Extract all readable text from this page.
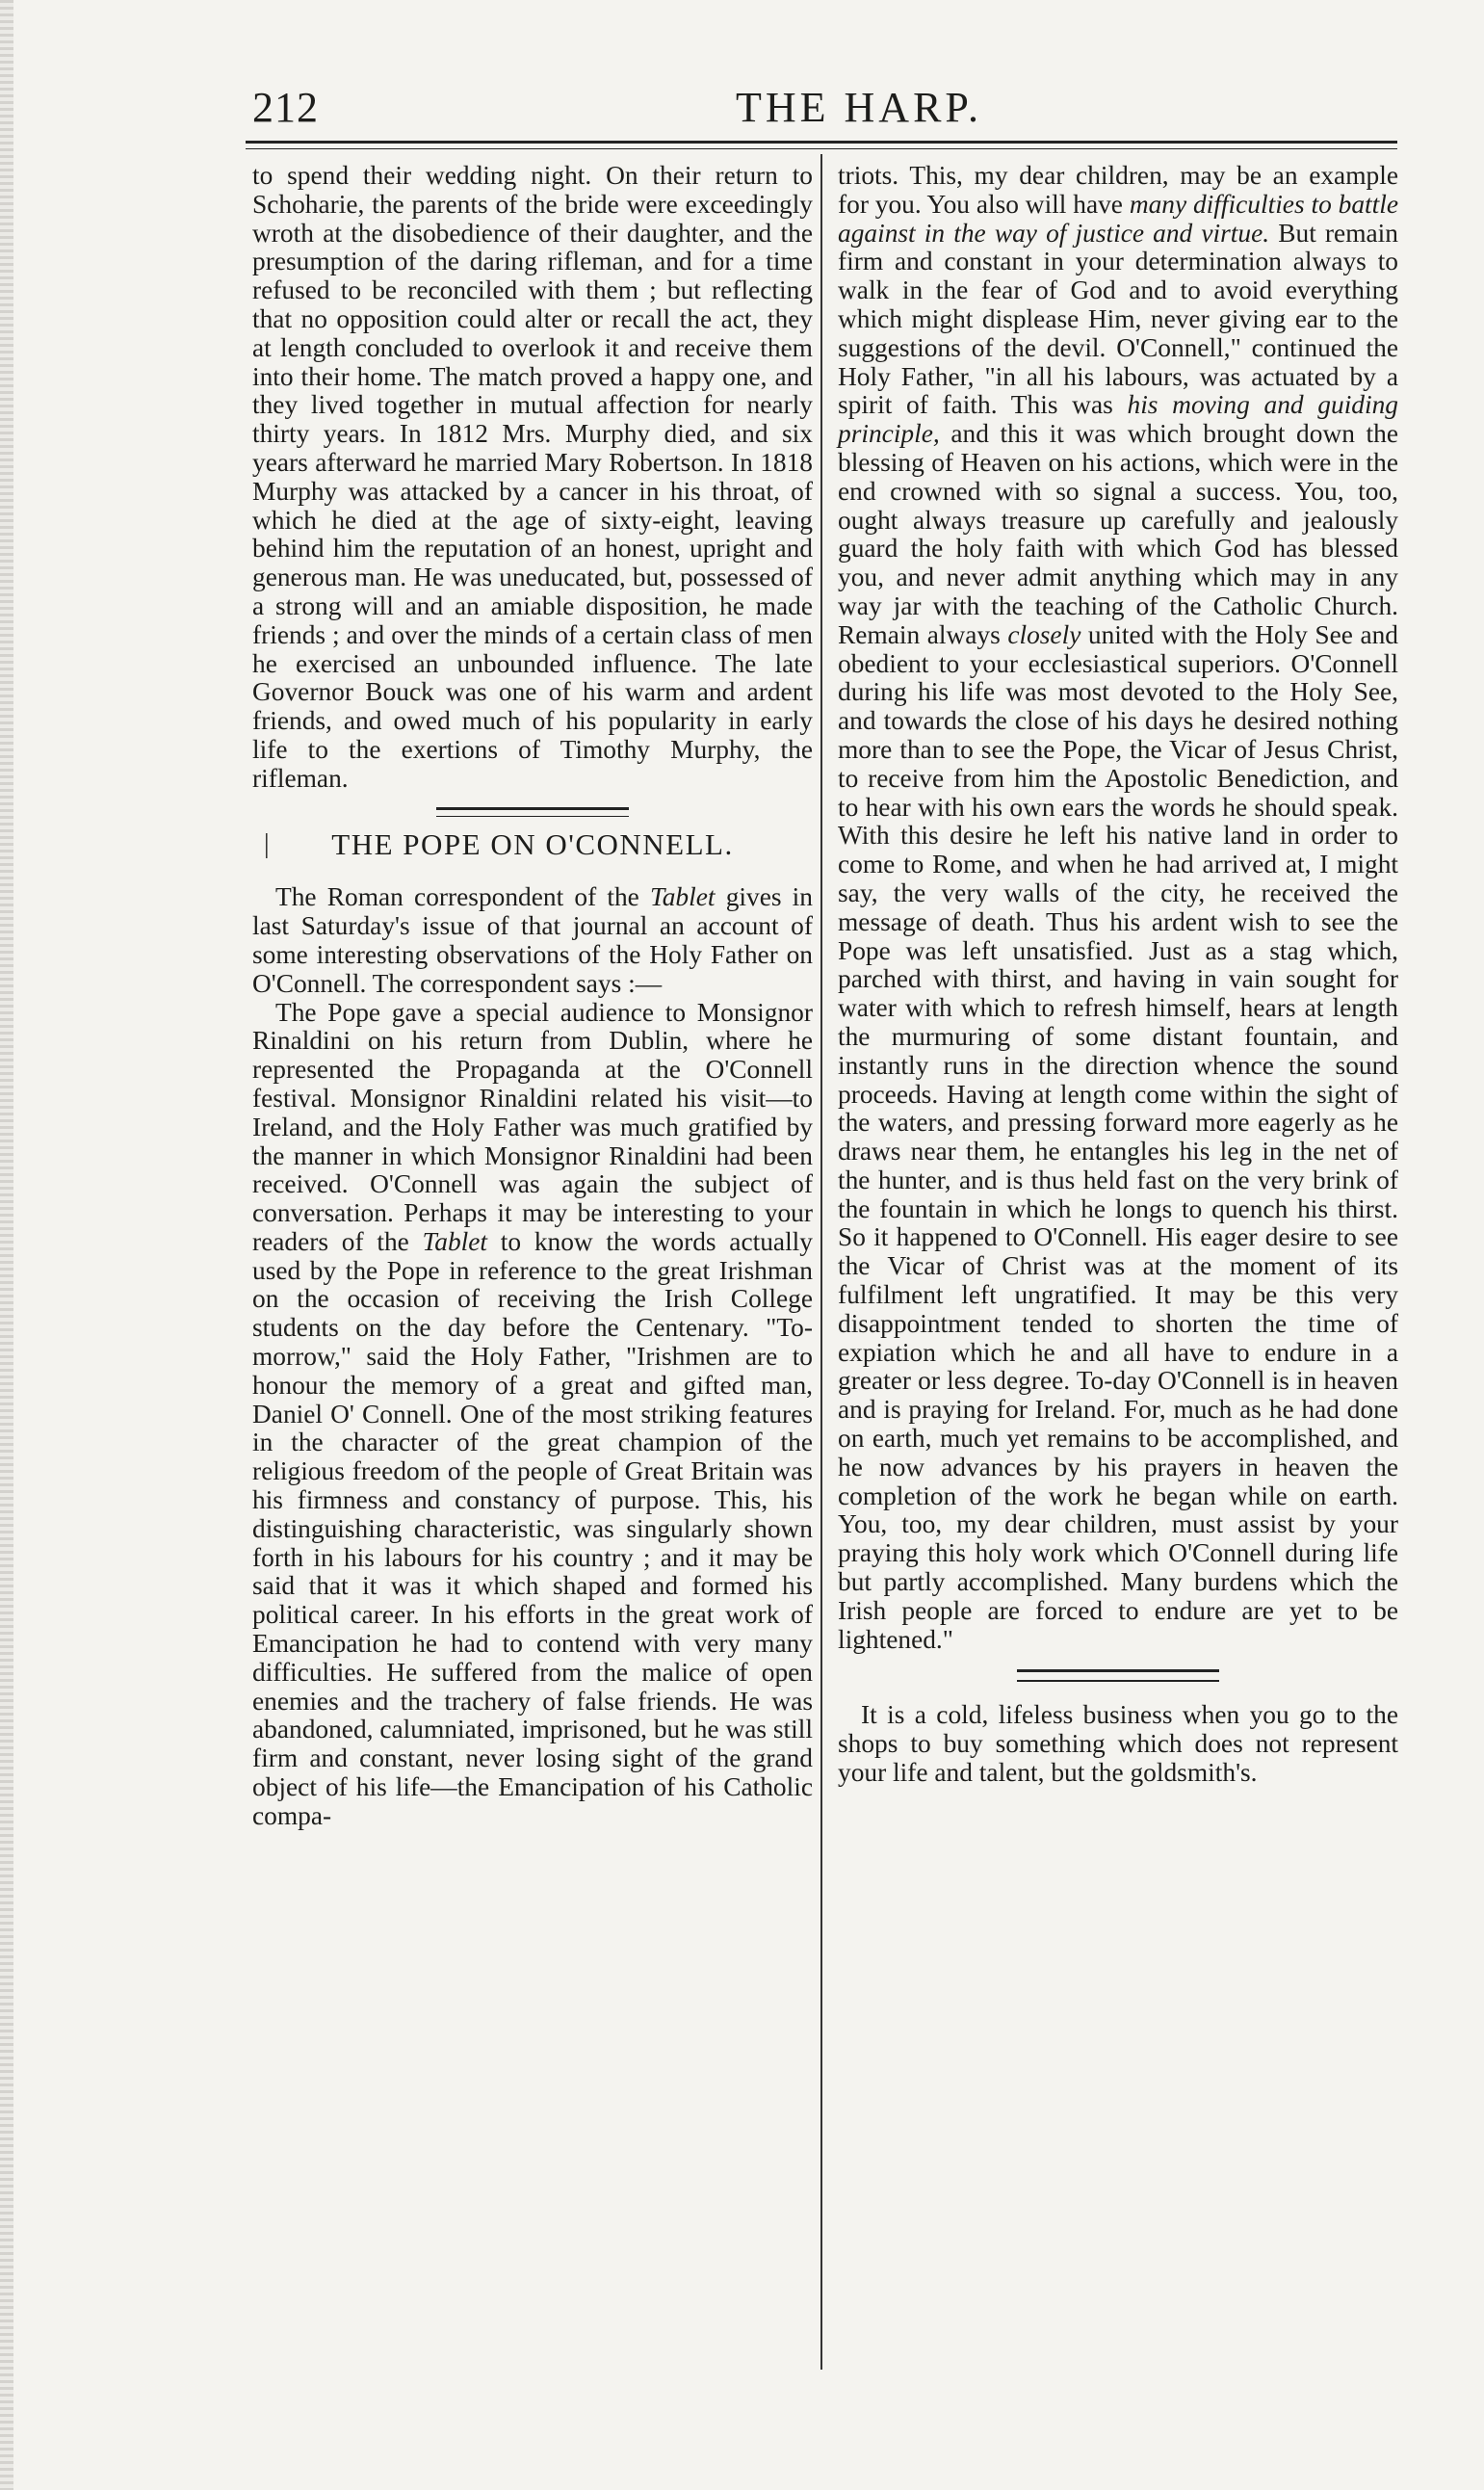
212	THE HARP.

to spend their wedding night. On their return to Schoharie, the parents of the bride were exceedingly wroth at the disobedience of their daughter, and the presumption of the daring rifleman, and for a time refused to be reconciled with them ; but reflecting that no opposition could alter or recall the act, they at length concluded to overlook it and receive them into their home. The match proved a happy one, and they lived together in mutual affection for nearly thirty years. In 1812 Mrs. Murphy died, and six years afterward he married Mary Robertson. In 1818 Murphy was attacked by a cancer in his throat, of which he died at the age of sixty-eight, leaving behind him the reputation of an honest, upright and generous man. He was uneducated, but, possessed of a strong will and an amiable disposition, he made friends ; and over the minds of a certain class of men he exercised an unbounded influence. The late Governor Bouck was one of his warm and ardent friends, and owed much of his popularity in early life to the exertions of Timothy Murphy, the rifleman.

| THE POPE ON O'CONNELL.

The Roman correspondent of the Tablet gives in last Saturday's issue of that journal an account of some interesting observations of the Holy Father on O'Connell. The correspondent says :—

The Pope gave a special audience to Monsignor Rinaldini on his return from Dublin, where he represented the Propaganda at the O'Connell festival. Monsignor Rinaldini related his visit—to Ireland, and the Holy Father was much gratified by the manner in which Monsignor Rinaldini had been received. O'Connell was again the subject of conversation. Perhaps it may be interesting to your readers of the Tablet to know the words actually used by the Pope in reference to the great Irishman on the occasion of receiving the Irish College students on the day before the Centenary. "To-morrow," said the Holy Father, "Irishmen are to honour the memory of a great and gifted man, Daniel O' Connell. One of the most striking features in the character of the great champion of the religious freedom of the people of Great Britain was his firmness and constancy of purpose. This, his distinguishing characteristic, was singularly shown forth in his labours for his country ; and it may be said that it was it which shaped and formed his political career. In his efforts in the great work of Emancipation he had to contend with very many difficulties. He suffered from the malice of open enemies and the trachery of false friends. He was abandoned, calumniated, imprisoned, but he was still firm and constant, never losing sight of the grand object of his life—the Emancipation of his Catholic compa-

triots. This, my dear children, may be an example for you. You also will have many difficulties to battle against in the way of justice and virtue. But remain firm and constant in your determination always to walk in the fear of God and to avoid everything which might displease Him, never giving ear to the suggestions of the devil. O'Connell," continued the Holy Father, "in all his labours, was actuated by a spirit of faith. This was his moving and guiding principle, and this it was which brought down the blessing of Heaven on his actions, which were in the end crowned with so signal a success. You, too, ought always treasure up carefully and jealously guard the holy faith with which God has blessed you, and never admit anything which may in any way jar with the teaching of the Catholic Church. Remain always closely united with the Holy See and obedient to your ecclesiastical superiors. O'Connell during his life was most devoted to the Holy See, and towards the close of his days he desired nothing more than to see the Pope, the Vicar of Jesus Christ, to receive from him the Apostolic Benediction, and to hear with his own ears the words he should speak. With this desire he left his native land in order to come to Rome, and when he had arrived at, I might say, the very walls of the city, he received the message of death. Thus his ardent wish to see the Pope was left unsatisfied. Just as a stag which, parched with thirst, and having in vain sought for water with which to refresh himself, hears at length the murmuring of some distant fountain, and instantly runs in the direction whence the sound proceeds. Having at length come within the sight of the waters, and pressing forward more eagerly as he draws near them, he entangles his leg in the net of the hunter, and is thus held fast on the very brink of the fountain in which he longs to quench his thirst. So it happened to O'Connell. His eager desire to see the Vicar of Christ was at the moment of its fulfilment left ungratified. It may be this very disappointment tended to shorten the time of expiation which he and all have to endure in a greater or less degree. To-day O'Connell is in heaven and is praying for Ireland. For, much as he had done on earth, much yet remains to be accomplished, and he now advances by his prayers in heaven the completion of the work he began while on earth. You, too, my dear children, must assist by your praying this holy work which O'Connell during life but partly accomplished. Many burdens which the Irish people are forced to endure are yet to be lightened."

It is a cold, lifeless business when you go to the shops to buy something which does not represent your life and talent, but the goldsmith's.
